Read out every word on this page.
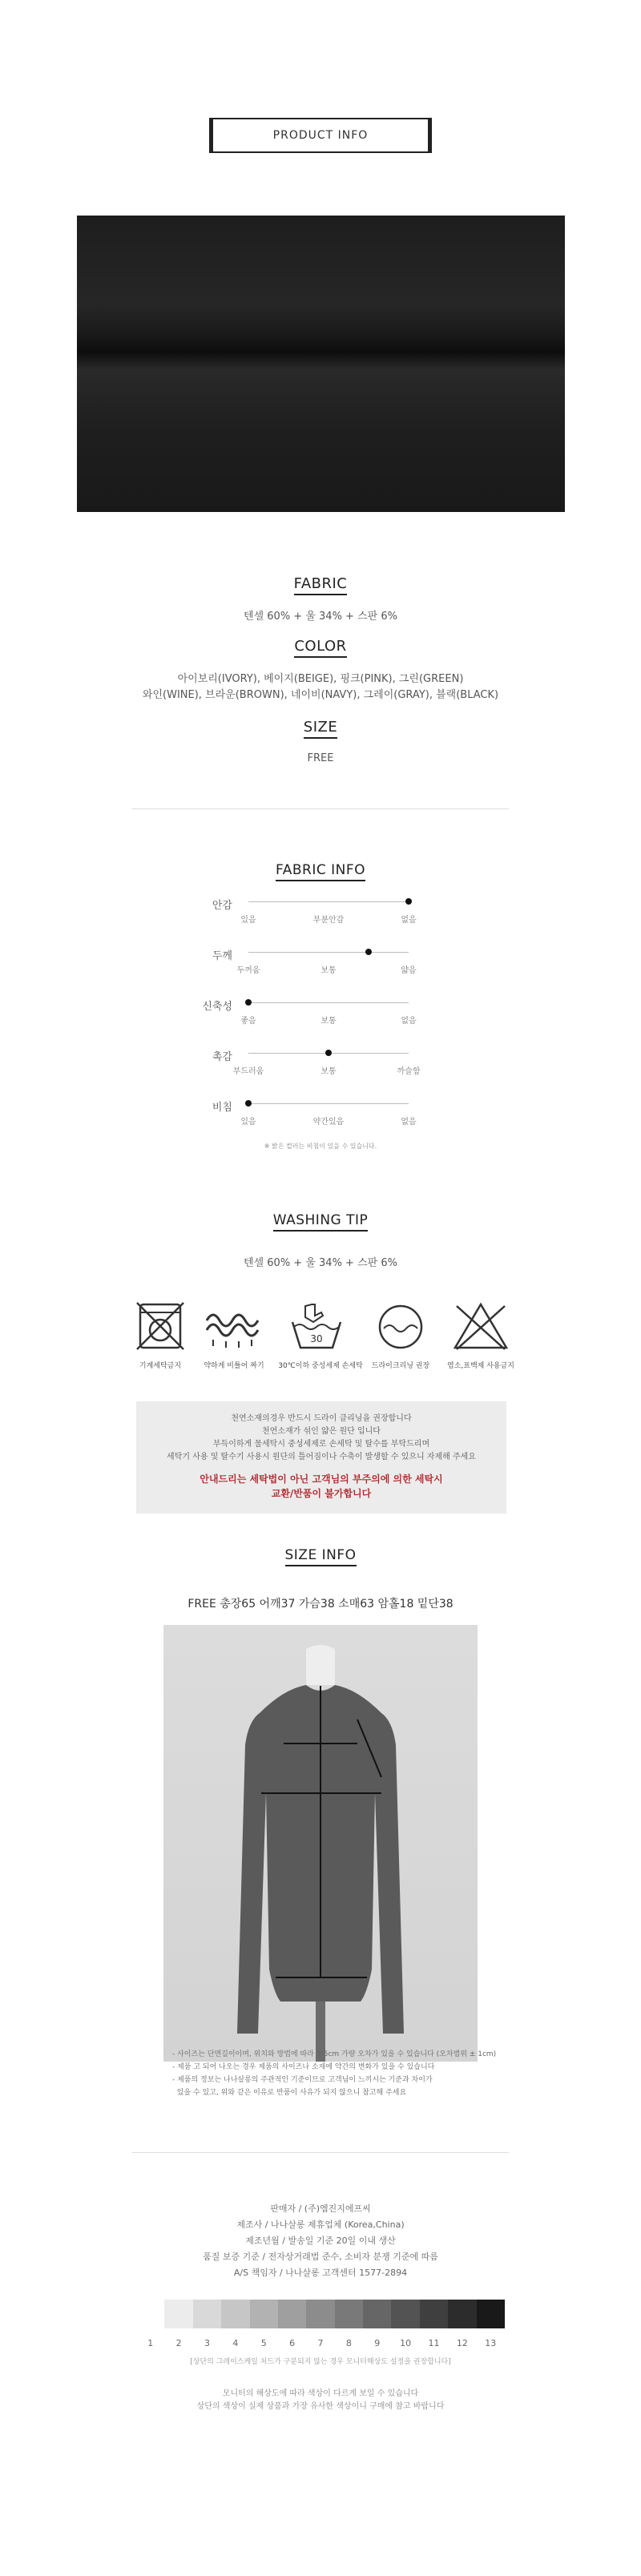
PRODUCT INFO
FABRIC
텐셀 60% + 울 34% + 스판 6%
COLOR
아이보리(IVORY), 베이지(BEIGE), 핑크(PINK), 그린(GREEN)
와인(WINE), 브라운(BROWN), 네이비(NAVY), 그레이(GRAY), 블랙(BLACK)
SIZE
FREE
FABRIC INFO
안감
있음	부분안감	없음
두께
두꺼움	보통	얇음
신축성
좋음	보통	없음
촉감
부드러움	보통	까슬함
비침
있음	약간있음	없음
※ 밝은 컬러는 비침이 있을 수 있습니다.
WASHING TIP
텐셀 60% + 울 34% + 스판 6%
30
기계세탁금지	약하게 비틀어 짜기	30℃이하 중성세제 손세탁	드라이크리닝 권장	염소,표백제 사용금지
천연소재의경우 반드시 드라이 클리닝을 권장합니다
천연소재가 섞인 얇은 원단 입니다
부득이하게 물세탁시 중성세제로 손세탁 및 탈수를 부탁드리며
세탁기 사용 및 탈수기 사용시 원단의 틀어짐이나 수축이 발생할 수 있으니 자제해 주세요
안내드리는 세탁법이 아닌 고객님의 부주의에 의한 세탁시
교환/반품이 불가합니다
SIZE INFO
FREE 총장65 어깨37 가슴38 소매63 암홀18 밑단38
- 사이즈는 단면길이이며, 위치와 방법에 따라 3-5cm 가량 오차가 있을 수 있습니다 (오차범위 ± 1cm)
- 제품 고 되어 나오는 경우 제품의 사이즈나 소재에 약간의 변화가 있을 수 있습니다
- 제품의 정보는 나나살롱의 주관적인 기준이므로 고객님이 느끼시는 기준과 차이가
있을 수 있고, 위와 같은 이유로 반품이 사유가 되지 않으니 참고해 주세요
판매자 / (주)엠진지에프씨
제조사 / 나나살롱 제휴업체 (Korea,China)
제조년월 / 발송일 기준 20일 이내 생산
품질 보증 기준 / 전자상거래법 준수, 소비자 분쟁 기준에 따름
A/S 책임자 / 나나살롱 고객센터 1577-2894
1	2	3	4	5	6	7	8	9	10	11	12	13
[상단의 그레이스케일 처드가 구분되지 않는 경우 모니터해상도 설정을 권장합니다]
모니터의 해상도에 따라 색상이 다르게 보일 수 있습니다
상단의 색상이 실제 상품과 가장 유사한 색상이니 구매에 참고 바랍니다
